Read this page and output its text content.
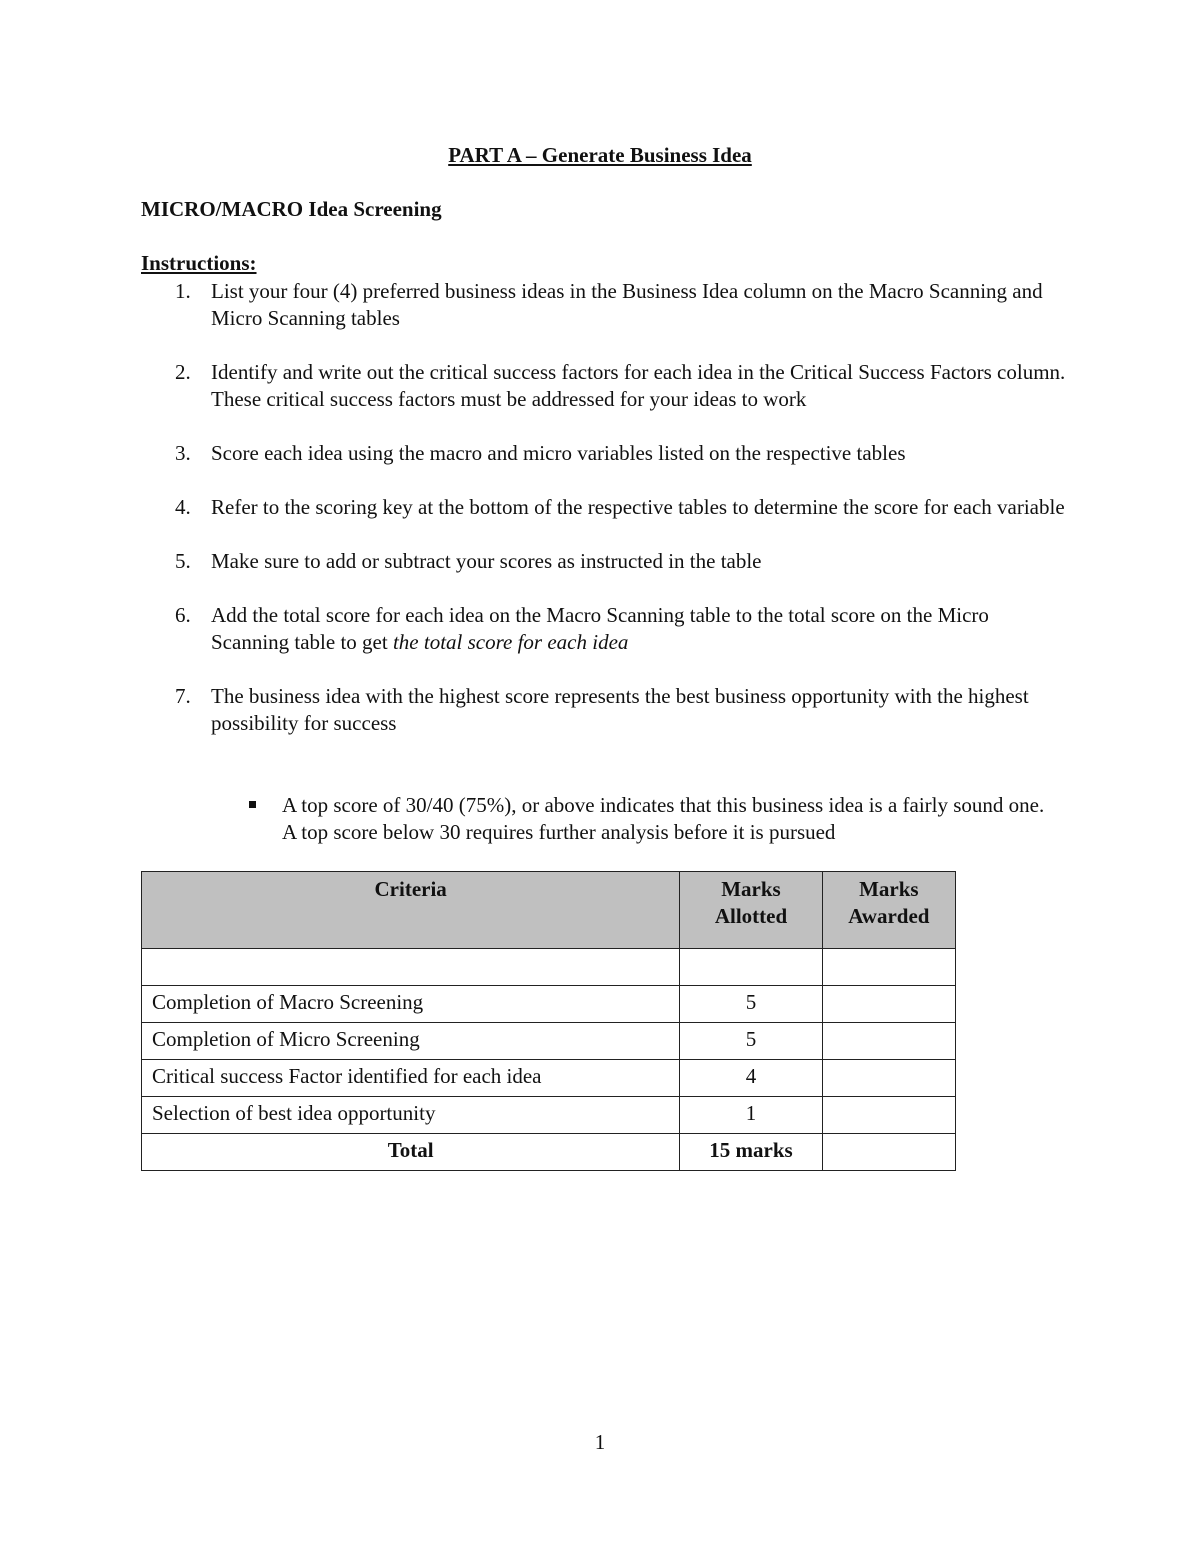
PART A – Generate Business Idea
MICRO/MACRO Idea Screening
Instructions:
1. List your four (4) preferred business ideas in the Business Idea column on the Macro Scanning and Micro Scanning tables
2. Identify and write out the critical success factors for each idea in the Critical Success Factors column. These critical success factors must be addressed for your ideas to work
3. Score each idea using the macro and micro variables listed on the respective tables
4. Refer to the scoring key at the bottom of the respective tables to determine the score for each variable
5. Make sure to add or subtract your scores as instructed in the table
6. Add the total score for each idea on the Macro Scanning table to the total score on the Micro Scanning table to get the total score for each idea
7. The business idea with the highest score represents the best business opportunity with the highest possibility for success
A top score of 30/40 (75%), or above indicates that this business idea is a fairly sound one. A top score below 30 requires further analysis before it is pursued
Criteria	Marks Allotted	Marks Awarded

Completion of Macro Screening	5	
Completion of Micro Screening	5	
Critical success Factor identified for each idea	4	
Selection of best idea opportunity	1	
Total	15 marks	
1
